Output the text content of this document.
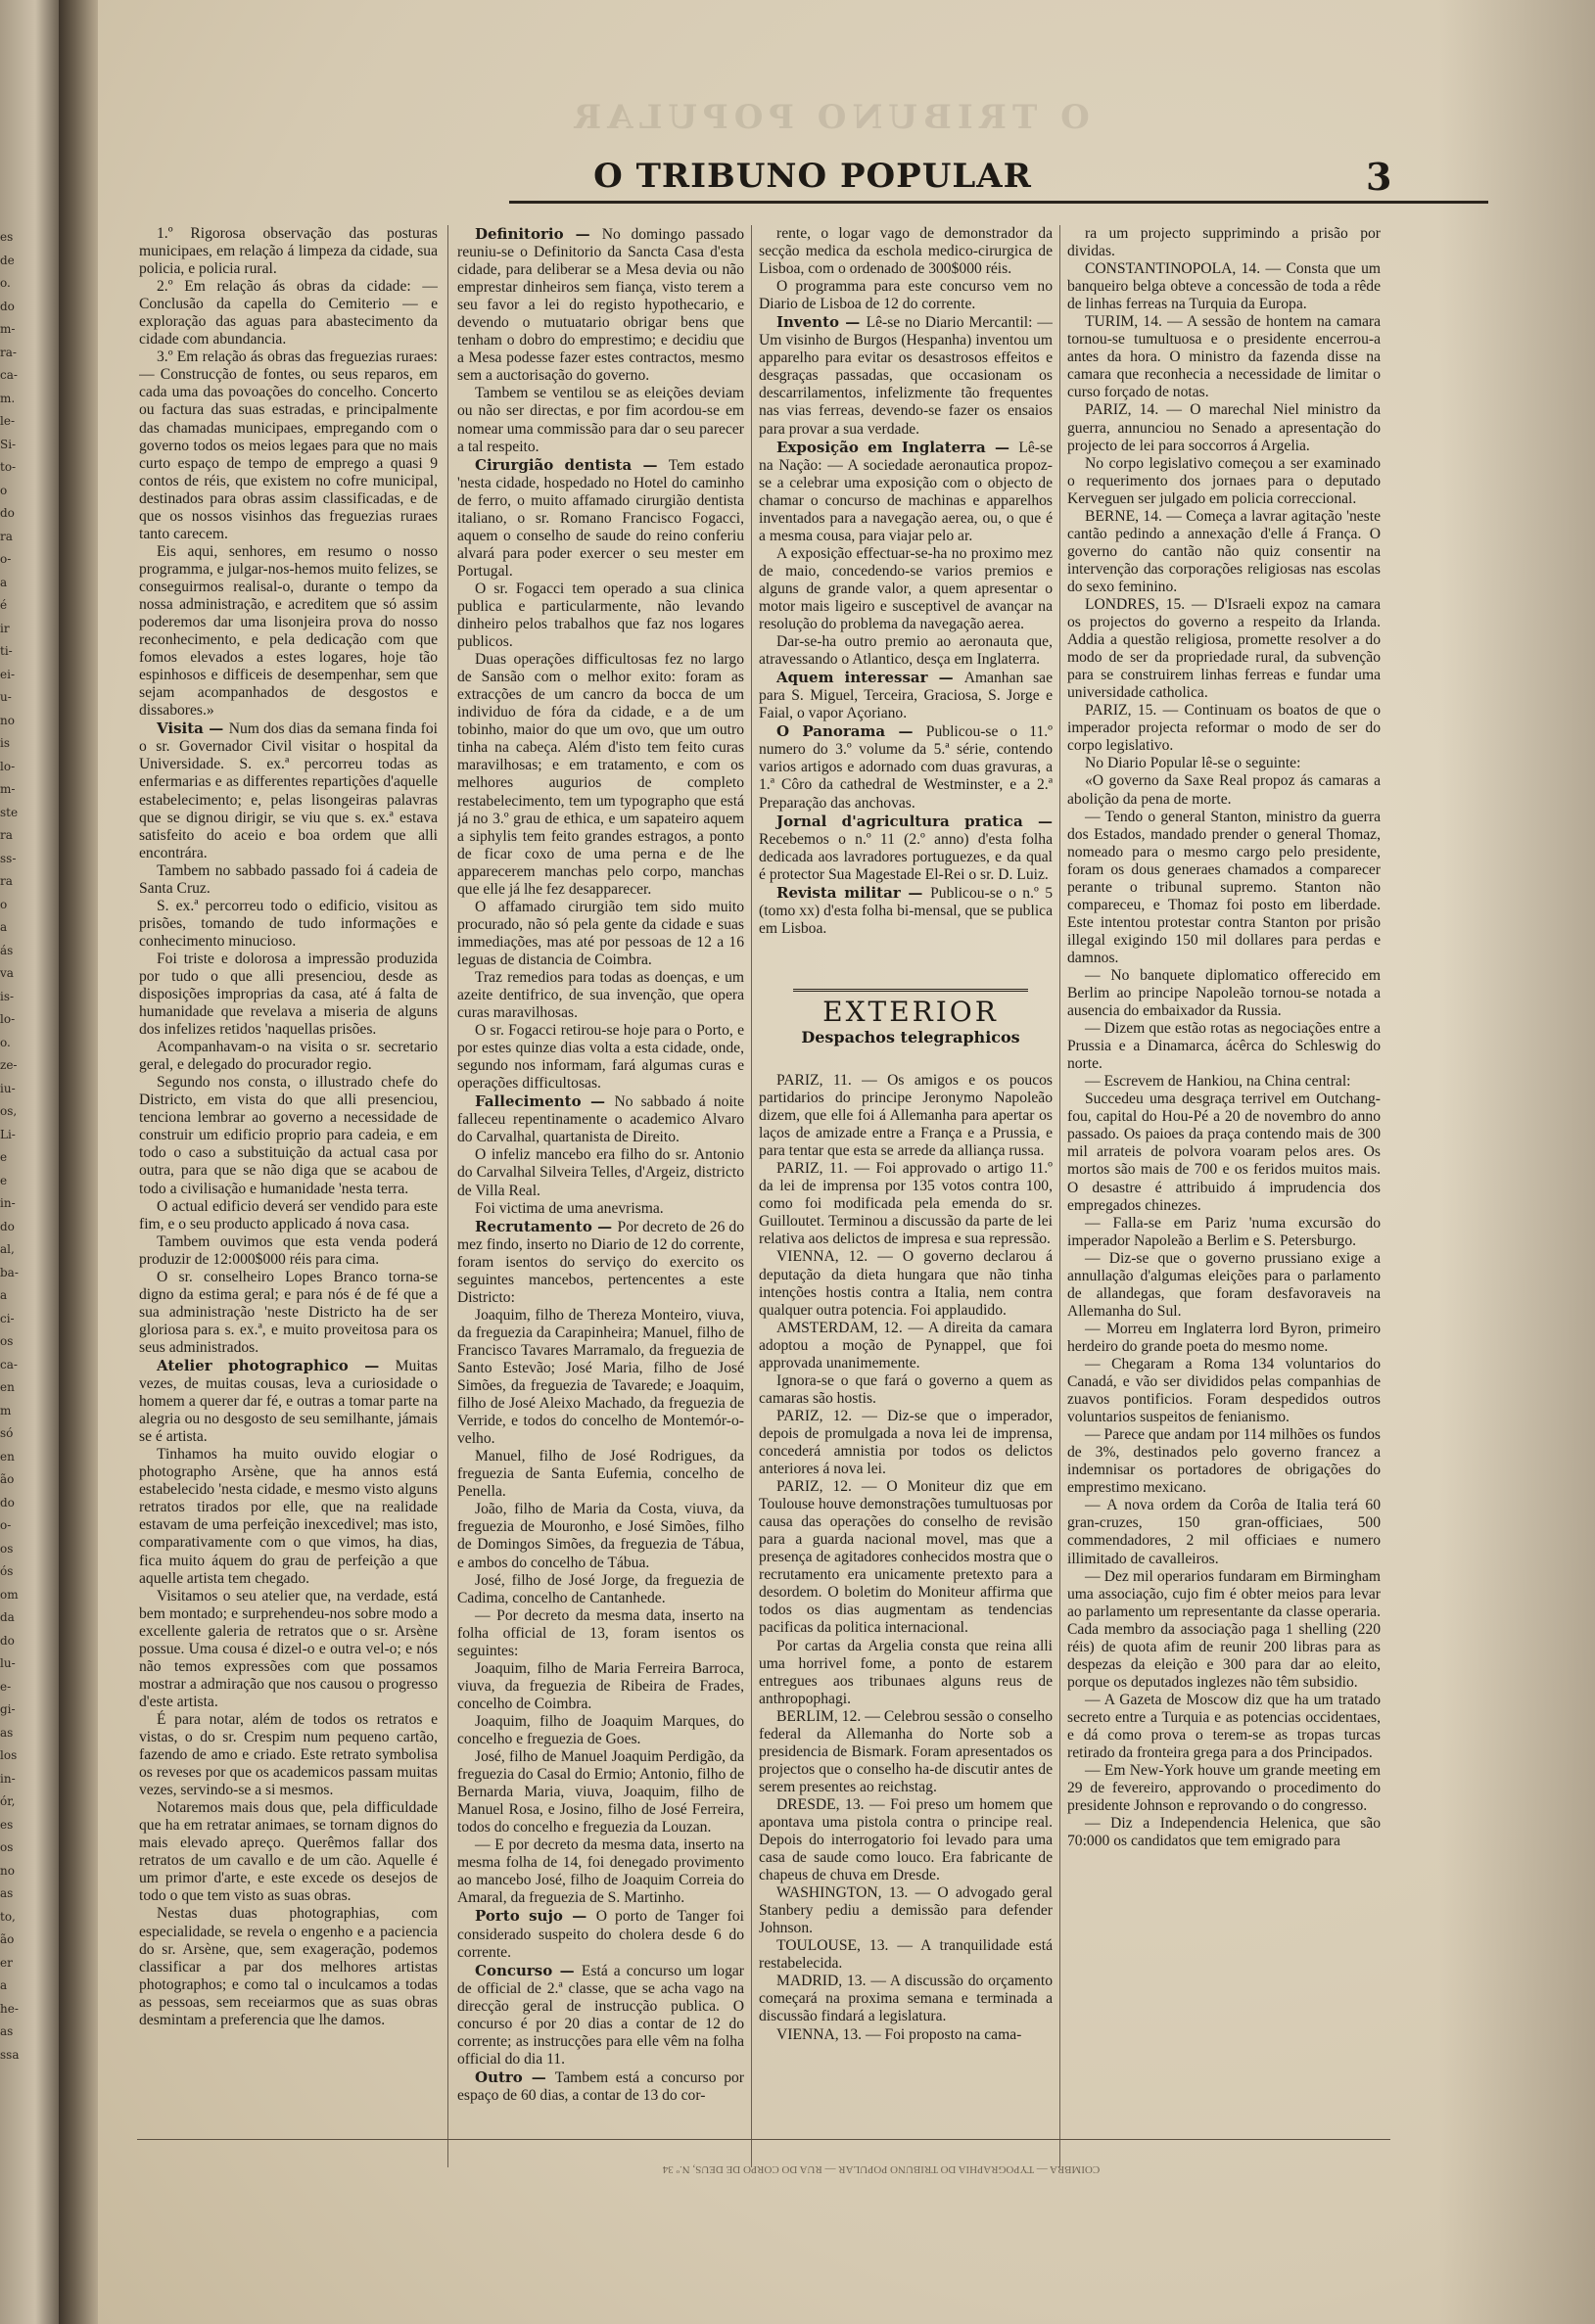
es
de
o.
do
m-
ra-
ca-
m.
le-
Si-
to-
o
do
ra
o-
a
é
ir
ti-
ei-
u-
no
is
lo-
m-
ste
ra
ss-
ra
o
a
ás
va
is-
lo-
o.
ze-
iu-
os,
Li-
e
e
in-
do
al,
ba-
a
ci-
os
ca-
en
m
só
en
ão
do
o-
os
ós
om
da
do
lu-
e-
gi-
as
los
in-
ór,
es
os
no
as
to,
ão
er
a
he-
as
ssa
O TRIBUNO POPULAR
O TRIBUNO POPULAR	3

1.º Rigorosa observação das posturas municipaes, em relação á limpeza da cidade, sua policia, e policia rural.

2.º Em relação ás obras da cidade: — Conclusão da capella do Cemiterio — e exploração das aguas para abastecimento da cidade com abundancia.

3.º Em relação ás obras das freguezias ruraes: — Construcção de fontes, ou seus reparos, em cada uma das povoações do concelho. Concerto ou factura das suas estradas, e principalmente das chamadas municipaes, empregando com o governo todos os meios legaes para que no mais curto espaço de tempo de emprego a quasi 9 contos de réis, que existem no cofre municipal, destinados para obras assim classificadas, e de que os nossos visinhos das freguezias ruraes tanto carecem.

Eis aqui, senhores, em resumo o nosso programma, e julgar-nos-hemos muito felizes, se conseguirmos realisal-o, durante o tempo da nossa administração, e acreditem que só assim poderemos dar uma lisonjeira prova do nosso reconhecimento, e pela dedicação com que fomos elevados a estes logares, hoje tão espinhosos e difficeis de desempenhar, sem que sejam acompanhados de desgostos e dissabores.»

Visita — Num dos dias da semana finda foi o sr. Governador Civil visitar o hospital da Universidade. S. ex.ª percorreu todas as enfermarias e as differentes repartições d'aquelle estabelecimento; e, pelas lisongeiras palavras que se dignou dirigir, se viu que s. ex.ª estava satisfeito do aceio e boa ordem que alli encontrára.

Tambem no sabbado passado foi á cadeia de Santa Cruz.

S. ex.ª percorreu todo o edificio, visitou as prisões, tomando de tudo informações e conhecimento minucioso.

Foi triste e dolorosa a impressão produzida por tudo o que alli presenciou, desde as disposições improprias da casa, até á falta de humanidade que revelava a miseria de alguns dos infelizes retidos 'naquellas prisões.

Acompanhavam-o na visita o sr. secretario geral, e delegado do procurador regio.

Segundo nos consta, o illustrado chefe do Districto, em vista do que alli presenciou, tenciona lembrar ao governo a necessidade de construir um edificio proprio para cadeia, e em todo o caso a substituição da actual casa por outra, para que se não diga que se acabou de todo a civilisação e humanidade 'nesta terra.

O actual edificio deverá ser vendido para este fim, e o seu producto applicado á nova casa.

Tambem ouvimos que esta venda poderá produzir de 12:000$000 réis para cima.

O sr. conselheiro Lopes Branco torna-se digno da estima geral; e para nós é de fé que a sua administração 'neste Districto ha de ser gloriosa para s. ex.ª, e muito proveitosa para os seus administrados.

Atelier photographico — Muitas vezes, de muitas cousas, leva a curiosidade o homem a querer dar fé, e outras a tomar parte na alegria ou no desgosto de seu semilhante, jámais se é artista.

Tinhamos ha muito ouvido elogiar o photographo Arsène, que ha annos está estabelecido 'nesta cidade, e mesmo visto alguns retratos tirados por elle, que na realidade estavam de uma perfeição inexcedivel; mas isto, comparativamente com o que vimos, ha dias, fica muito áquem do grau de perfeição a que aquelle artista tem chegado.

Visitamos o seu atelier que, na verdade, está bem montado; e surprehendeu-nos sobre modo a excellente galeria de retratos que o sr. Arsène possue. Uma cousa é dizel-o e outra vel-o; e nós não temos expressões com que possamos mostrar a admiração que nos causou o progresso d'este artista.

É para notar, além de todos os retratos e vistas, o do sr. Crespim num pequeno cartão, fazendo de amo e criado. Este retrato symbolisa os reveses por que os academicos passam muitas vezes, servindo-se a si mesmos.

Notaremos mais dous que, pela difficuldade que ha em retratar animaes, se tornam dignos do mais elevado apreço. Querêmos fallar dos retratos de um cavallo e de um cão. Aquelle é um primor d'arte, e este excede os desejos de todo o que tem visto as suas obras.

Nestas duas photographias, com especialidade, se revela o engenho e a paciencia do sr. Arsène, que, sem exageração, podemos classificar a par dos melhores artistas photographos; e como tal o inculcamos a todas as pessoas, sem receiarmos que as suas obras desmintam a preferencia que lhe damos.

Definitorio — No domingo passado reuniu-se o Definitorio da Sancta Casa d'esta cidade, para deliberar se a Mesa devia ou não emprestar dinheiros sem fiança, visto terem a seu favor a lei do registo hypothecario, e devendo o mutuatario obrigar bens que tenham o dobro do emprestimo; e decidiu que a Mesa podesse fazer estes contractos, mesmo sem a auctorisação do governo.

Tambem se ventilou se as eleições deviam ou não ser directas, e por fim acordou-se em nomear uma commissão para dar o seu parecer a tal respeito.

Cirurgião dentista — Tem estado 'nesta cidade, hospedado no Hotel do caminho de ferro, o muito affamado cirurgião dentista italiano, o sr. Romano Francisco Fogacci, aquem o conselho de saude do reino conferiu alvará para poder exercer o seu mester em Portugal.

O sr. Fogacci tem operado a sua clinica publica e particularmente, não levando dinheiro pelos trabalhos que faz nos logares publicos.

Duas operações difficultosas fez no largo de Sansão com o melhor exito: foram as extracções de um cancro da bocca de um individuo de fóra da cidade, e a de um tobinho, maior do que um ovo, que um outro tinha na cabeça. Além d'isto tem feito curas maravilhosas; e em tratamento, e com os melhores augurios de completo restabelecimento, tem um typographo que está já no 3.º grau de ethica, e um sapateiro aquem a siphylis tem feito grandes estragos, a ponto de ficar coxo de uma perna e de lhe apparecerem manchas pelo corpo, manchas que elle já lhe fez desapparecer.

O affamado cirurgião tem sido muito procurado, não só pela gente da cidade e suas immediações, mas até por pessoas de 12 a 16 leguas de distancia de Coimbra.

Traz remedios para todas as doenças, e um azeite dentifrico, de sua invenção, que opera curas maravilhosas.

O sr. Fogacci retirou-se hoje para o Porto, e por estes quinze dias volta a esta cidade, onde, segundo nos informam, fará algumas curas e operações difficultosas.

Fallecimento — No sabbado á noite falleceu repentinamente o academico Alvaro do Carvalhal, quartanista de Direito.

O infeliz mancebo era filho do sr. Antonio do Carvalhal Silveira Telles, d'Argeiz, districto de Villa Real.

Foi victima de uma anevrisma.

Recrutamento — Por decreto de 26 do mez findo, inserto no Diario de 12 do corrente, foram isentos do serviço do exercito os seguintes mancebos, pertencentes a este Districto:

Joaquim, filho de Thereza Monteiro, viuva, da freguezia da Carapinheira; Manuel, filho de Francisco Tavares Marramalo, da freguezia de Santo Estevão; José Maria, filho de José Simões, da freguezia de Tavarede; e Joaquim, filho de José Aleixo Machado, da freguezia de Verride, e todos do concelho de Montemór-o-velho.

Manuel, filho de José Rodrigues, da freguezia de Santa Eufemia, concelho de Penella.

João, filho de Maria da Costa, viuva, da freguezia de Mouronho, e José Simões, filho de Domingos Simões, da freguezia de Tábua, e ambos do concelho de Tábua.

José, filho de José Jorge, da freguezia de Cadima, concelho de Cantanhede.

— Por decreto da mesma data, inserto na folha official de 13, foram isentos os seguintes:

Joaquim, filho de Maria Ferreira Barroca, viuva, da freguezia de Ribeira de Frades, concelho de Coimbra.

Joaquim, filho de Joaquim Marques, do concelho e freguezia de Goes.

José, filho de Manuel Joaquim Perdigão, da freguezia do Casal do Ermio; Antonio, filho de Bernarda Maria, viuva, Joaquim, filho de Manuel Rosa, e Josino, filho de José Ferreira, todos do concelho e freguezia da Louzan.

— E por decreto da mesma data, inserto na mesma folha de 14, foi denegado provimento ao mancebo José, filho de Joaquim Correia do Amaral, da freguezia de S. Martinho.

Porto sujo — O porto de Tanger foi considerado suspeito do cholera desde 6 do corrente.

Concurso — Está a concurso um logar de official de 2.ª classe, que se acha vago na direcção geral de instrucção publica. O concurso é por 20 dias a contar de 12 do corrente; as instrucções para elle vêm na folha official do dia 11.

Outro — Tambem está a concurso por espaço de 60 dias, a contar de 13 do cor-

rente, o logar vago de demonstrador da secção medica da eschola medico-cirurgica de Lisboa, com o ordenado de 300$000 réis.

O programma para este concurso vem no Diario de Lisboa de 12 do corrente.

Invento — Lê-se no Diario Mercantil: — Um visinho de Burgos (Hespanha) inventou um apparelho para evitar os desastrosos effeitos e desgraças passadas, que occasionam os descarrilamentos, infelizmente tão frequentes nas vias ferreas, devendo-se fazer os ensaios para provar a sua verdade.

Exposição em Inglaterra — Lê-se na Nação: — A sociedade aeronautica propoz-se a celebrar uma exposição com o objecto de chamar o concurso de machinas e apparelhos inventados para a navegação aerea, ou, o que é a mesma cousa, para viajar pelo ar.

A exposição effectuar-se-ha no proximo mez de maio, concedendo-se varios premios e alguns de grande valor, a quem apresentar o motor mais ligeiro e susceptivel de avançar na resolução do problema da navegação aerea.

Dar-se-ha outro premio ao aeronauta que, atravessando o Atlantico, desça em Inglaterra.

Aquem interessar — Amanhan sae para S. Miguel, Terceira, Graciosa, S. Jorge e Faial, o vapor Açoriano.

O Panorama — Publicou-se o 11.º numero do 3.º volume da 5.ª série, contendo varios artigos e adornado com duas gravuras, a 1.ª Côro da cathedral de Westminster, e a 2.ª Preparação das anchovas.

Jornal d'agricultura pratica — Recebemos o n.º 11 (2.º anno) d'esta folha dedicada aos lavradores portuguezes, e da qual é protector Sua Magestade El-Rei o sr. D. Luiz.

Revista militar — Publicou-se o n.º 5 (tomo xx) d'esta folha bi-mensal, que se publica em Lisboa.

EXTERIOR
Despachos telegraphicos

PARIZ, 11. — Os amigos e os poucos partidarios do principe Jeronymo Napoleão dizem, que elle foi á Allemanha para apertar os laços de amizade entre a França e a Prussia, e para tentar que esta se arrede da alliança russa.

PARIZ, 11. — Foi approvado o artigo 11.º da lei de imprensa por 135 votos contra 100, como foi modificada pela emenda do sr. Guilloutet. Terminou a discussão da parte de lei relativa aos delictos de impresa e sua repressão.

VIENNA, 12. — O governo declarou á deputação da dieta hungara que não tinha intenções hostis contra a Italia, nem contra qualquer outra potencia. Foi applaudido.

AMSTERDAM, 12. — A direita da camara adoptou a moção de Pynappel, que foi approvada unanimemente.

Ignora-se o que fará o governo a quem as camaras são hostis.

PARIZ, 12. — Diz-se que o imperador, depois de promulgada a nova lei de imprensa, concederá amnistia por todos os delictos anteriores á nova lei.

PARIZ, 12. — O Moniteur diz que em Toulouse houve demonstrações tumultuosas por causa das operações do conselho de revisão para a guarda nacional movel, mas que a presença de agitadores conhecidos mostra que o recrutamento era unicamente pretexto para a desordem. O boletim do Moniteur affirma que todos os dias augmentam as tendencias pacificas da politica internacional.

Por cartas da Argelia consta que reina alli uma horrivel fome, a ponto de estarem entregues aos tribunaes alguns reus de anthropophagi.

BERLIM, 12. — Celebrou sessão o conselho federal da Allemanha do Norte sob a presidencia de Bismark. Foram apresentados os projectos que o conselho ha-de discutir antes de serem presentes ao reichstag.

DRESDE, 13. — Foi preso um homem que apontava uma pistola contra o principe real. Depois do interrogatorio foi levado para uma casa de saude como louco. Era fabricante de chapeus de chuva em Dresde.

WASHINGTON, 13. — O advogado geral Stanbery pediu a demissão para defender Johnson.

TOULOUSE, 13. — A tranquilidade está restabelecida.

MADRID, 13. — A discussão do orçamento começará na proxima semana e terminada a discussão findará a legislatura.

VIENNA, 13. — Foi proposto na cama-

ra um projecto supprimindo a prisão por dividas.

CONSTANTINOPOLA, 14. — Consta que um banqueiro belga obteve a concessão de toda a rêde de linhas ferreas na Turquia da Europa.

TURIM, 14. — A sessão de hontem na camara tornou-se tumultuosa e o presidente encerrou-a antes da hora. O ministro da fazenda disse na camara que reconhecia a necessidade de limitar o curso forçado de notas.

PARIZ, 14. — O marechal Niel ministro da guerra, annunciou no Senado a apresentação do projecto de lei para soccorros á Argelia.

No corpo legislativo começou a ser examinado o requerimento dos jornaes para o deputado Kerveguen ser julgado em policia correccional.

BERNE, 14. — Começa a lavrar agitação 'neste cantão pedindo a annexação d'elle á França. O governo do cantão não quiz consentir na intervenção das corporações religiosas nas escolas do sexo feminino.

LONDRES, 15. — D'Israeli expoz na camara os projectos do governo a respeito da Irlanda. Addia a questão religiosa, promette resolver a do modo de ser da propriedade rural, da subvenção para se construirem linhas ferreas e fundar uma universidade catholica.

PARIZ, 15. — Continuam os boatos de que o imperador projecta reformar o modo de ser do corpo legislativo.

No Diario Popular lê-se o seguinte:

«O governo da Saxe Real propoz ás camaras a abolição da pena de morte.

— Tendo o general Stanton, ministro da guerra dos Estados, mandado prender o general Thomaz, nomeado para o mesmo cargo pelo presidente, foram os dous generaes chamados a comparecer perante o tribunal supremo. Stanton não compareceu, e Thomaz foi posto em liberdade. Este intentou protestar contra Stanton por prisão illegal exigindo 150 mil dollares para perdas e damnos.

— No banquete diplomatico offerecido em Berlim ao principe Napoleão tornou-se notada a ausencia do embaixador da Russia.

— Dizem que estão rotas as negociações entre a Prussia e a Dinamarca, ácêrca do Schleswig do norte.

— Escrevem de Hankiou, na China central:

Succedeu uma desgraça terrivel em Outchang-fou, capital do Hou-Pé a 20 de novembro do anno passado. Os paioes da praça contendo mais de 300 mil arrateis de polvora voaram pelos ares. Os mortos são mais de 700 e os feridos muitos mais. O desastre é attribuido á imprudencia dos empregados chinezes.

— Falla-se em Pariz 'numa excursão do imperador Napoleão a Berlim e S. Petersburgo.

— Diz-se que o governo prussiano exige a annullação d'algumas eleições para o parlamento de allandegas, que foram desfavoraveis na Allemanha do Sul.

— Morreu em Inglaterra lord Byron, primeiro herdeiro do grande poeta do mesmo nome.

— Chegaram a Roma 134 voluntarios do Canadá, e vão ser divididos pelas companhias de zuavos pontificios. Foram despedidos outros voluntarios suspeitos de fenianismo.

— Parece que andam por 114 milhões os fundos de 3%, destinados pelo governo francez a indemnisar os portadores de obrigações do emprestimo mexicano.

— A nova ordem da Corôa de Italia terá 60 gran-cruzes, 150 gran-officiaes, 500 commendadores, 2 mil officiaes e numero illimitado de cavalleiros.

— Dez mil operarios fundaram em Birmingham uma associação, cujo fim é obter meios para levar ao parlamento um representante da classe operaria. Cada membro da associação paga 1 shelling (220 réis) de quota afim de reunir 200 libras para as despezas da eleição e 300 para dar ao eleito, porque os deputados inglezes não têm subsidio.

— A Gazeta de Moscow diz que ha um tratado secreto entre a Turquia e as potencias occidentaes, e dá como prova o terem-se as tropas turcas retirado da fronteira grega para a dos Principados.

— Em New-York houve um grande meeting em 29 de fevereiro, approvando o procedimento do presidente Johnson e reprovando o do congresso.

— Diz a Independencia Helenica, que são 70:000 os candidatos que tem emigrado para

COIMBRA — TYPOGRAPHIA DO TRIBUNO POPULAR — RUA DO CORPO DE DEUS, N.º 34
